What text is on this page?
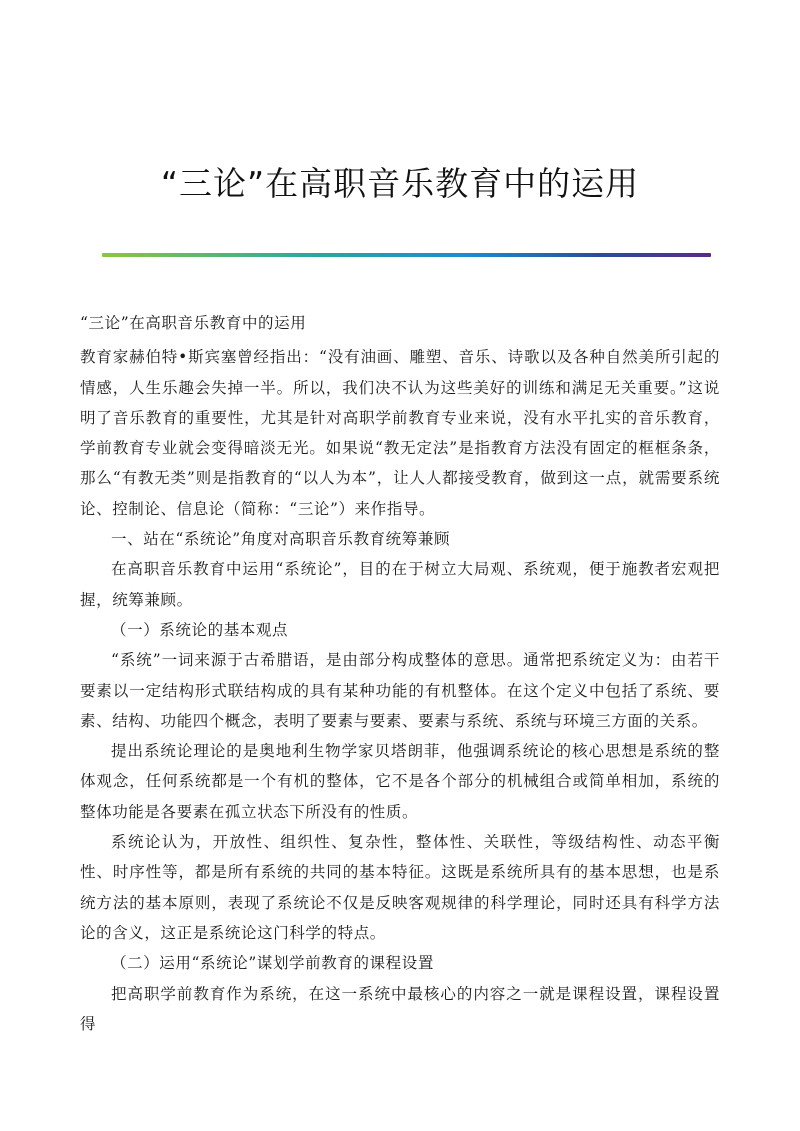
“三论”在高职音乐教育中的运用

“三论”在高职音乐教育中的运用

教育家赫伯特•斯宾塞曾经指出：“没有油画、雕塑、音乐、诗歌以及各种自然美所引起的情感，人生乐趣会失掉一半。所以，我们决不认为这些美好的训练和满足无关重要。”这说明了音乐教育的重要性，尤其是针对高职学前教育专业来说，没有水平扎实的音乐教育，学前教育专业就会变得暗淡无光。如果说“教无定法”是指教育方法没有固定的框框条条，那么“有教无类”则是指教育的“以人为本”，让人人都接受教育，做到这一点，就需要系统论、控制论、信息论（简称：“三论”）来作指导。

一、站在“系统论”角度对高职音乐教育统筹兼顾

在高职音乐教育中运用“系统论”，目的在于树立大局观、系统观，便于施教者宏观把握，统筹兼顾。

（一）系统论的基本观点

“系统”一词来源于古希腊语，是由部分构成整体的意思。通常把系统定义为：由若干要素以一定结构形式联结构成的具有某种功能的有机整体。在这个定义中包括了系统、要素、结构、功能四个概念，表明了要素与要素、要素与系统、系统与环境三方面的关系。

提出系统论理论的是奥地利生物学家贝塔朗菲，他强调系统论的核心思想是系统的整体观念，任何系统都是一个有机的整体，它不是各个部分的机械组合或简单相加，系统的整体功能是各要素在孤立状态下所没有的性质。

系统论认为，开放性、组织性、复杂性，整体性、关联性，等级结构性、动态平衡性、时序性等，都是所有系统的共同的基本特征。这既是系统所具有的基本思想，也是系统方法的基本原则，表现了系统论不仅是反映客观规律的科学理论，同时还具有科学方法论的含义，这正是系统论这门科学的特点。

（二）运用“系统论”谋划学前教育的课程设置

把高职学前教育作为系统，在这一系统中最核心的内容之一就是课程设置，课程设置得
